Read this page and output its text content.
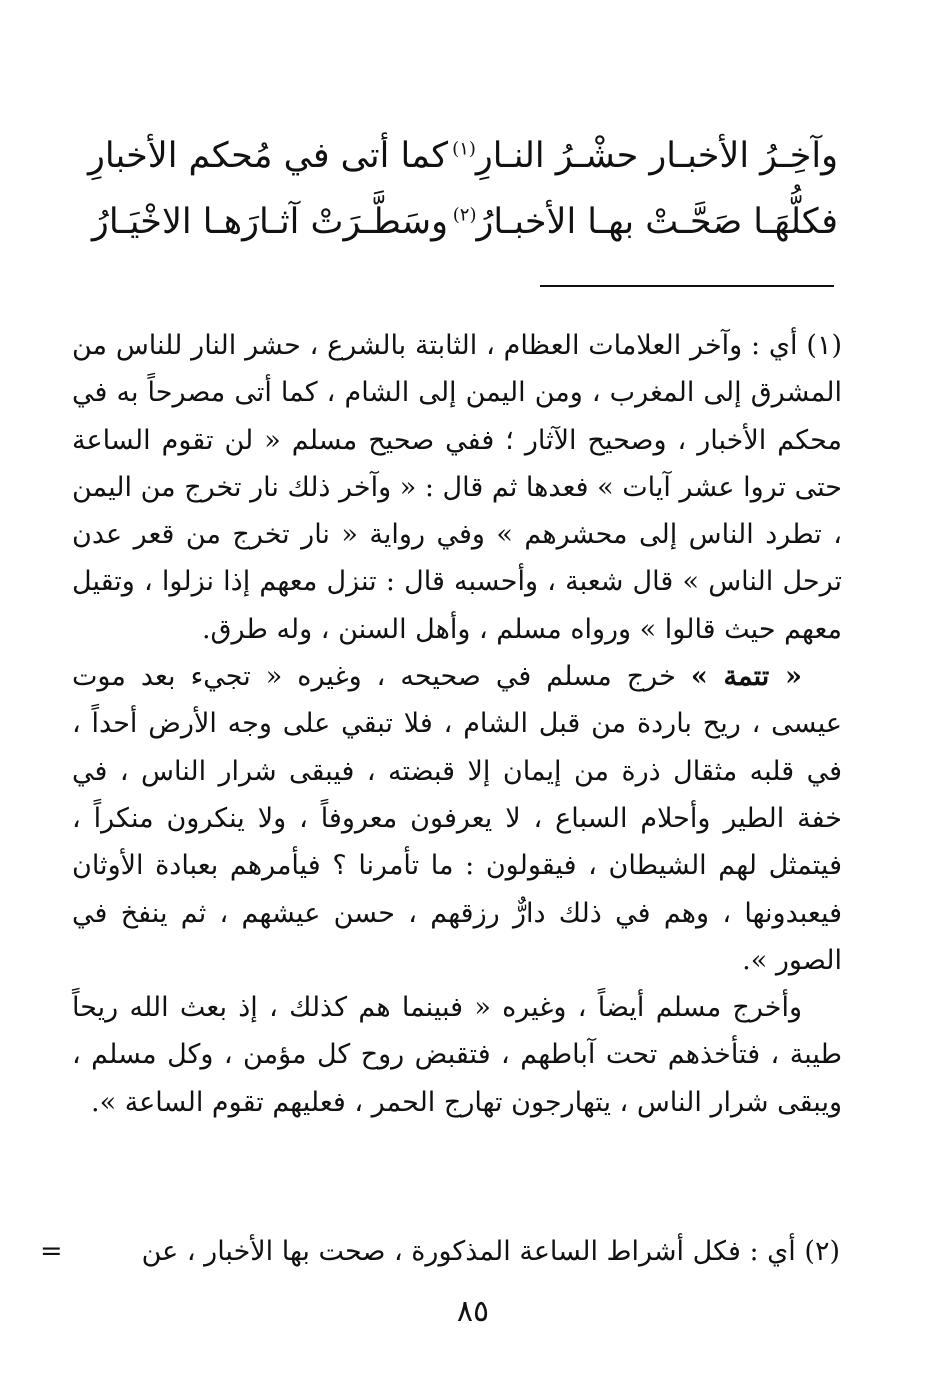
وآخِـرُ الأخبـار حشْـرُ النـارِ$^{(١)}$
كما أتى في مُحكم الأخبارِ
فكلُّهَـا صَحَّـتْ بهـا الأخبـارُ$^{(٢)}$
وسَطَّـرَتْ آثـارَهـا الاخْيَـارُ

(١) أي : وآخر العلامات العظام ، الثابتة بالشرع ، حشر النار للناس من المشرق إلى المغرب ، ومن اليمن إلى الشام ، كما أتى مصرحاً به في محكم الأخبار ، وصحيح الآثار ؛ ففي صحيح مسلم « لن تقوم الساعة حتى تروا عشر آيات » فعدها ثم قال : « وآخر ذلك نار تخرج من اليمن ، تطرد الناس إلى محشرهم » وفي رواية « نار تخرج من قعر عدن ترحل الناس » قال شعبة ، وأحسبه قال : تنزل معهم إذا نزلوا ، وتقيل معهم حيث قالوا » ورواه مسلم ، وأهل السنن ، وله طرق.

« تتمة » خرج مسلم في صحيحه ، وغيره « تجيء بعد موت عيسى ، ريح باردة من قبل الشام ، فلا تبقي على وجه الأرض أحداً ، في قلبه مثقال ذرة من إيمان إلا قبضته ، فيبقى شرار الناس ، في خفة الطير وأحلام السباع ، لا يعرفون معروفاً ، ولا ينكرون منكراً ، فيتمثل لهم الشيطان ، فيقولون : ما تأمرنا ؟ فيأمرهم بعبادة الأوثان فيعبدونها ، وهم في ذلك دارٌّ رزقهم ، حسن عيشهم ، ثم ينفخ في الصور ».

وأخرج مسلم أيضاً ، وغيره « فبينما هم كذلك ، إذ بعث الله ريحاً طيبة ، فتأخذهم تحت آباطهم ، فتقبض روح كل مؤمن ، وكل مسلم ، ويبقى شرار الناس ، يتهارجون تهارج الحمر ، فعليهم تقوم الساعة ».

(٢) أي : فكل أشراط الساعة المذكورة ، صحت بها الأخبار ، عن
=
٨٥
